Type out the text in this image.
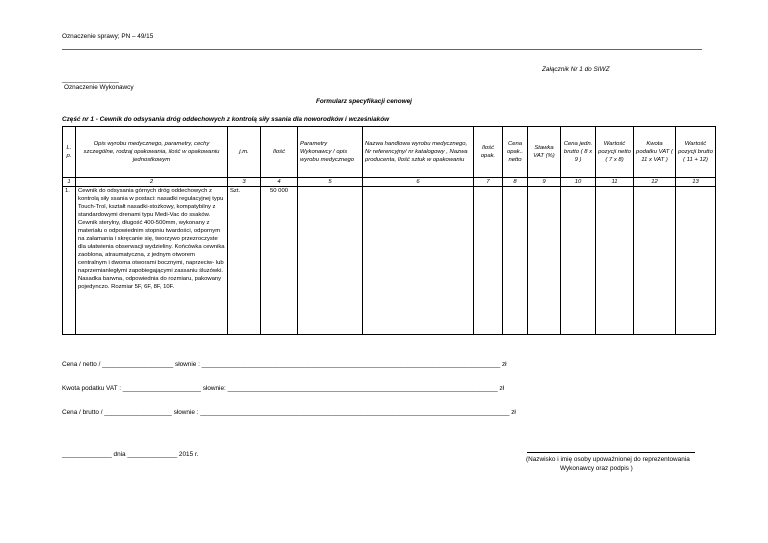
Oznaczenie sprawy; PN – 49/15
Załącznik Nr 1 do SIWZ
________________
Oznaczenie Wykonawcy
Formularz specyfikacji cenowej
Część nr 1 - Cewnik do odsysania dróg oddechowych z kontrolą siły ssania dla noworodków i wcześniaków
L. p.	Opis wyrobu medycznego, parametry, cechy szczególne, rodzaj opakowania, ilość w opakowaniu jednostkowym	j.m.	Ilość	Parametry Wykonawcy / opis wyrobu medycznego	Nazwa handlowa wyrobu medycznego, Nr referencyjny/ nr katalogowy , Nazwa producenta, Ilość sztuk w opakowaniu	Ilość opak.	Cena opak.. netto	Stawka VAT (%)	Cena jedn. brutto ( 8 x 9 )	Wartość pozycji netto ( 7 x 8)	Kwota podatku VAT ( 11 x VAT )	Wartość pozycji brutto ( 11 + 12)
1	2	3	4	5	6	7	8	9	10	11	12	13
1.	Cewnik do odsysania górnych dróg oddechowych z kontrolą siły ssania w postaci: nasadki regulacyjnej typu Touch-Trol, kształt nasadki-stożkowy, kompatybilny z standardowymi drenami typu Medi-Vac do ssaków. Cewnik sterylny, długość 400-500mm, wykonany z materiału o odpowiednim stopniu twardości, odpornym na załamania i skręcanie się, tworzywo przezroczyste dla ułatwienia obserwacji wydzieliny. Końcówka cewnika zaoblona, atraumatyczna, z jednym otworem centralnym i dwoma otworami bocznymi, naprzeciw- lub naprzemianległymi zapobiegającymi zassaniu śluzówki. Nasadka barwna, odpowiednia do rozmiaru, pakowany pojedynczo. Rozmiar 5F, 6F, 8F, 10F.	Szt.	50 000									
Cena / netto / ____________________ słownie : ____________________________________________________________________________________ zł
Kwota podatku VAT : ______________________ słownie: ____________________________________________________________________________ zł
Cena / brutto / ___________________ słownie : _______________________________________________________________________________________ zł
______________ dnia ______________ 2015 r.
(Nazwisko i imię osoby upoważnionej do reprezentowania
Wykonawcy oraz podpis )
